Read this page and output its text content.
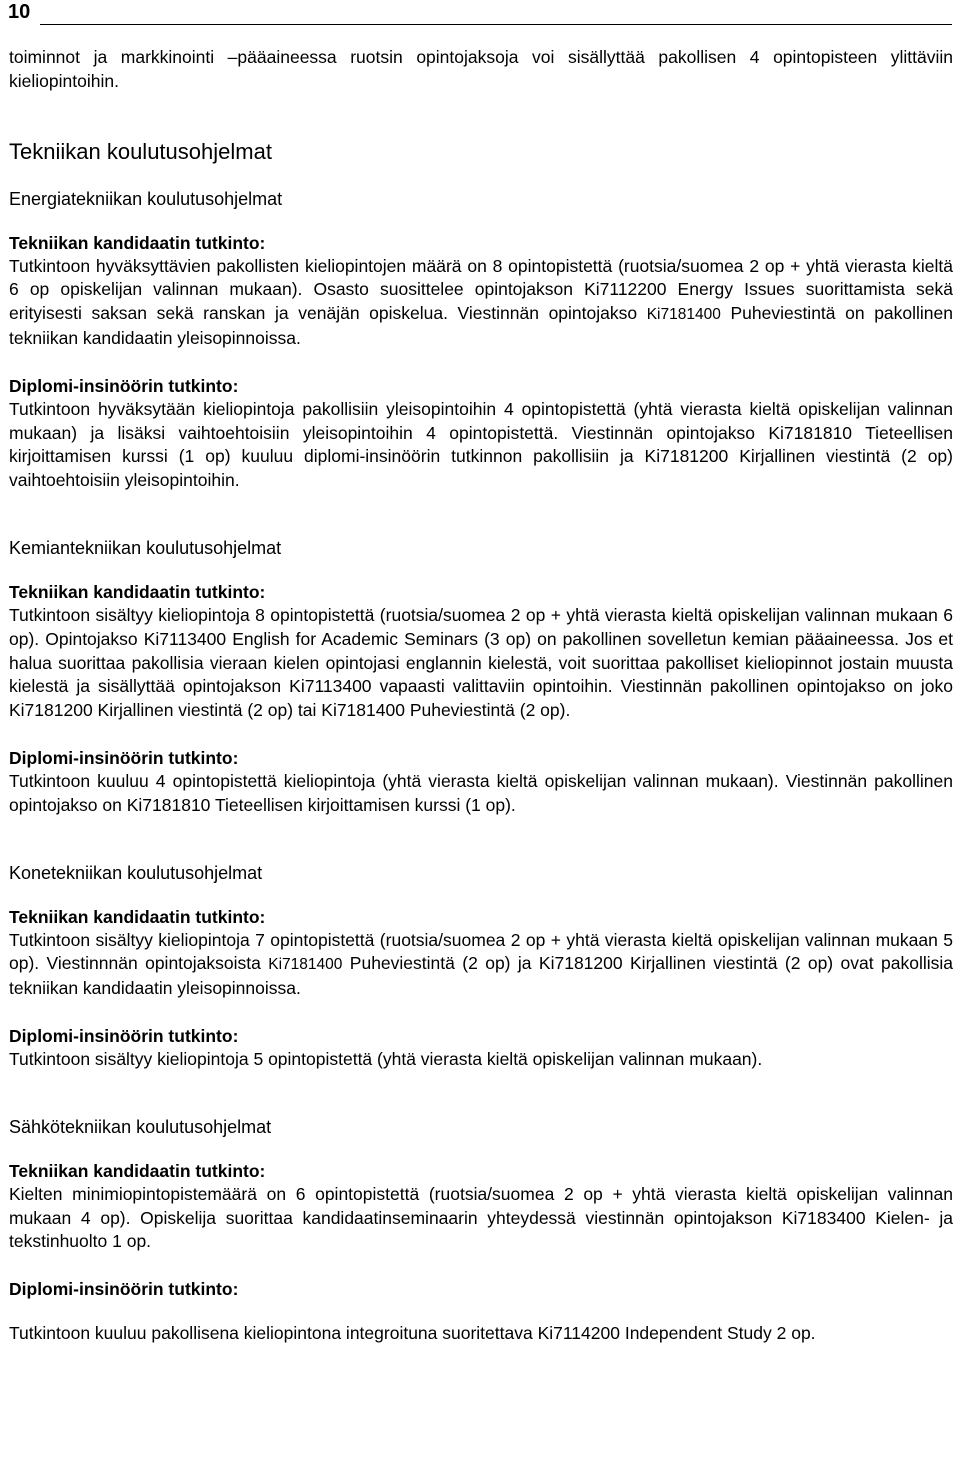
10

toiminnot ja markkinointi –pääaineessa ruotsin opintojaksoja voi sisällyttää pakollisen 4 opintopisteen ylittäviin kieliopintoihin.

Tekniikan koulutusohjelmat
Energiatekniikan koulutusohjelmat
Tekniikan kandidaatin tutkinto:

Tutkintoon hyväksyttävien pakollisten kieliopintojen määrä on 8 opintopistettä (ruotsia/suomea 2 op + yhtä vierasta kieltä 6 op opiskelijan valinnan mukaan). Osasto suosittelee opintojakson Ki7112200 Energy Issues suorittamista sekä erityisesti saksan sekä ranskan ja venäjän opiskelua. Viestinnän opintojakso Ki7181400 Puheviestintä on pakollinen tekniikan kandidaatin yleisopinnoissa.

Diplomi-insinöörin tutkinto:

Tutkintoon hyväksytään kieliopintoja pakollisiin yleisopintoihin 4 opintopistettä (yhtä vierasta kieltä opiskelijan valinnan mukaan) ja lisäksi vaihtoehtoisiin yleisopintoihin 4 opintopistettä. Viestinnän opintojakso Ki7181810 Tieteellisen kirjoittamisen kurssi (1 op) kuuluu diplomi-insinöörin tutkinnon pakollisiin ja Ki7181200 Kirjallinen viestintä (2 op) vaihtoehtoisiin yleisopintoihin.

Kemiantekniikan koulutusohjelmat
Tekniikan kandidaatin tutkinto:

Tutkintoon sisältyy kieliopintoja 8 opintopistettä (ruotsia/suomea 2 op + yhtä vierasta kieltä opiskelijan valinnan mukaan 6 op). Opintojakso Ki7113400 English for Academic Seminars (3 op) on pakollinen sovelletun kemian pääaineessa. Jos et halua suorittaa pakollisia vieraan kielen opintojasi englannin kielestä, voit suorittaa pakolliset kieliopinnot jostain muusta kielestä ja sisällyttää opintojakson Ki7113400 vapaasti valittaviin opintoihin. Viestinnän pakollinen opintojakso on joko Ki7181200 Kirjallinen viestintä (2 op) tai Ki7181400 Puheviestintä (2 op).

Diplomi-insinöörin tutkinto:

Tutkintoon kuuluu 4 opintopistettä kieliopintoja (yhtä vierasta kieltä opiskelijan valinnan mukaan). Viestinnän pakollinen opintojakso on Ki7181810 Tieteellisen kirjoittamisen kurssi (1 op).

Konetekniikan koulutusohjelmat
Tekniikan kandidaatin tutkinto:

Tutkintoon sisältyy kieliopintoja 7 opintopistettä (ruotsia/suomea 2 op + yhtä vierasta kieltä opiskelijan valinnan mukaan 5 op). Viestinnnän opintojaksoista Ki7181400 Puheviestintä (2 op) ja Ki7181200 Kirjallinen viestintä (2 op) ovat pakollisia tekniikan kandidaatin yleisopinnoissa.

Diplomi-insinöörin tutkinto:

Tutkintoon sisältyy kieliopintoja 5 opintopistettä (yhtä vierasta kieltä opiskelijan valinnan mukaan).

Sähkötekniikan koulutusohjelmat
Tekniikan kandidaatin tutkinto:

Kielten minimiopintopistemäärä on 6 opintopistettä (ruotsia/suomea 2 op + yhtä vierasta kieltä opiskelijan valinnan mukaan 4 op). Opiskelija suorittaa kandidaatinseminaarin yhteydessä viestinnän opintojakson Ki7183400 Kielen- ja tekstinhuolto 1 op.

Diplomi-insinöörin tutkinto:

Tutkintoon kuuluu pakollisena kieliopintona integroituna suoritettava Ki7114200 Independent Study 2 op.
